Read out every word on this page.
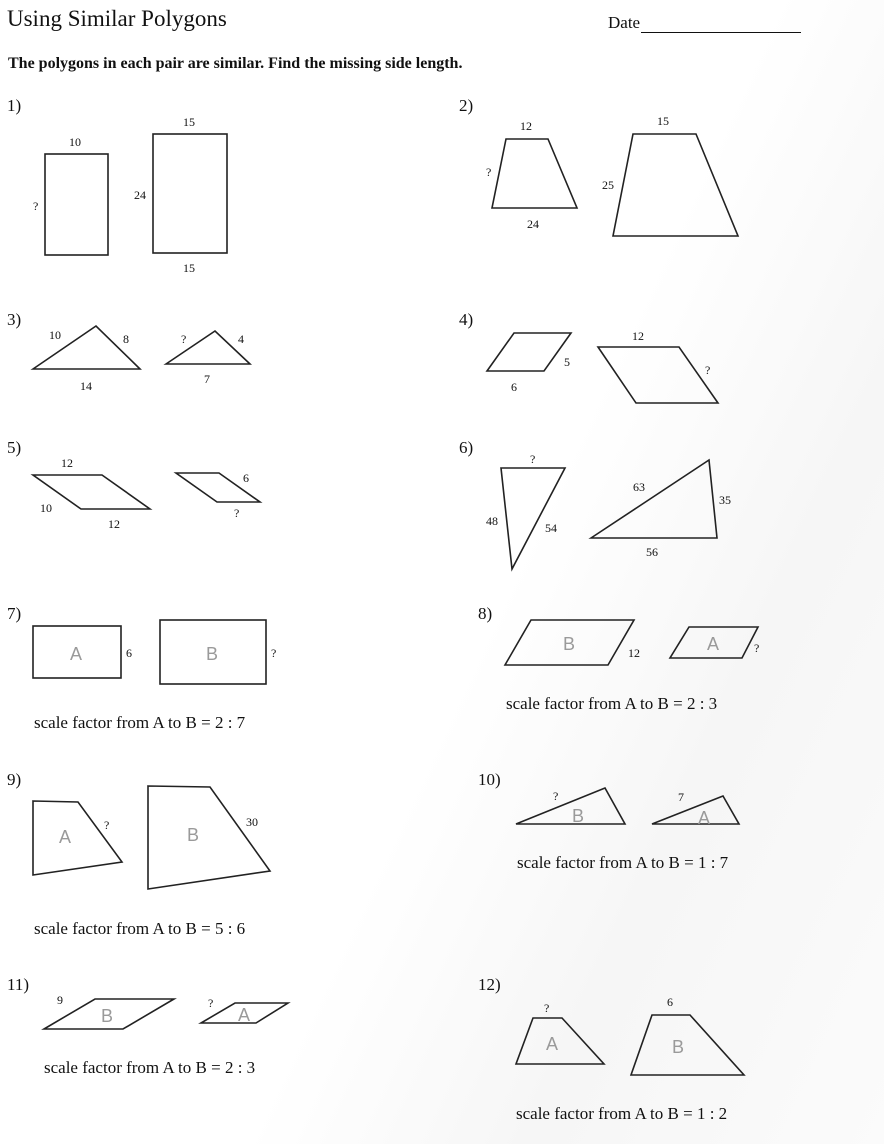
Using Similar Polygons	Date
The polygons in each pair are similar. Find the missing side length.
1)	2)
3)	4)
5)	6)
7)	8)
9)	10)
11)	12)
scale factor from A to B = 2 : 7
scale factor from A to B = 2 : 3
scale factor from A to B = 5 : 6
scale factor from A to B = 1 : 7
scale factor from A to B = 2 : 3
scale factor from A to B = 1 : 2
10
?
15
24
15
12
?
24
15
25
10	8
14
?	4
7
5
6
12
?
12
10
12
6
?
?
48	54
63
35
56
A	B
6	?	B	A
12	?
A	B
?	30	B	A
?	7
B	A
9	?
A	B
?	6
